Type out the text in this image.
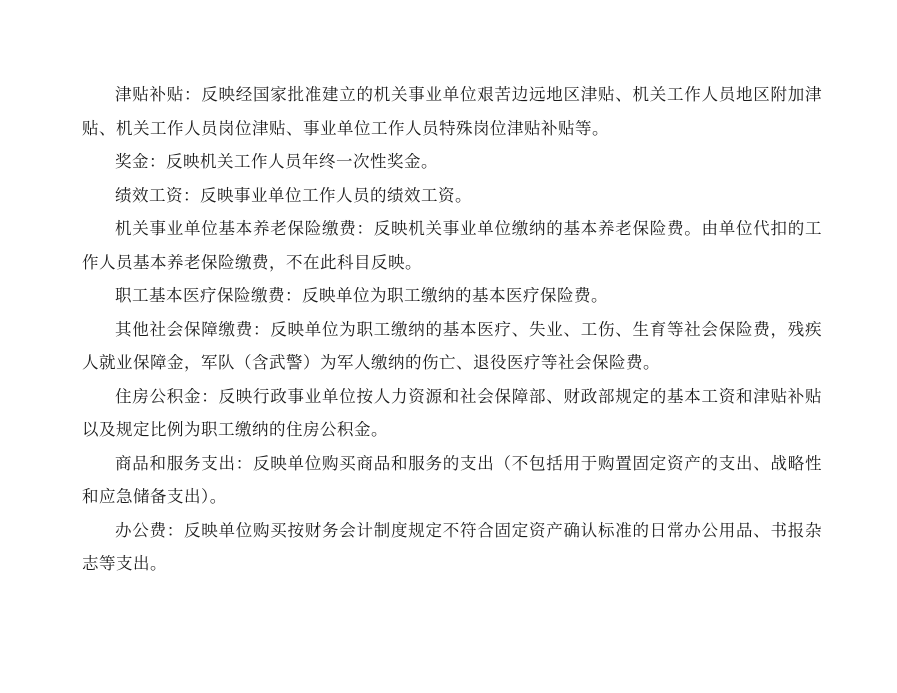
津贴补贴：反映经国家批准建立的机关事业单位艰苦边远地区津贴、机关工作人员地区附加津贴、机关工作人员岗位津贴、事业单位工作人员特殊岗位津贴补贴等。

奖金：反映机关工作人员年终一次性奖金。

绩效工资：反映事业单位工作人员的绩效工资。

机关事业单位基本养老保险缴费：反映机关事业单位缴纳的基本养老保险费。由单位代扣的工作人员基本养老保险缴费，不在此科目反映。

职工基本医疗保险缴费：反映单位为职工缴纳的基本医疗保险费。

其他社会保障缴费：反映单位为职工缴纳的基本医疗、失业、工伤、生育等社会保险费，残疾人就业保障金，军队（含武警）为军人缴纳的伤亡、退役医疗等社会保险费。

住房公积金：反映行政事业单位按人力资源和社会保障部、财政部规定的基本工资和津贴补贴以及规定比例为职工缴纳的住房公积金。

商品和服务支出：反映单位购买商品和服务的支出（不包括用于购置固定资产的支出、战略性和应急储备支出）。

办公费：反映单位购买按财务会计制度规定不符合固定资产确认标准的日常办公用品、书报杂志等支出。
